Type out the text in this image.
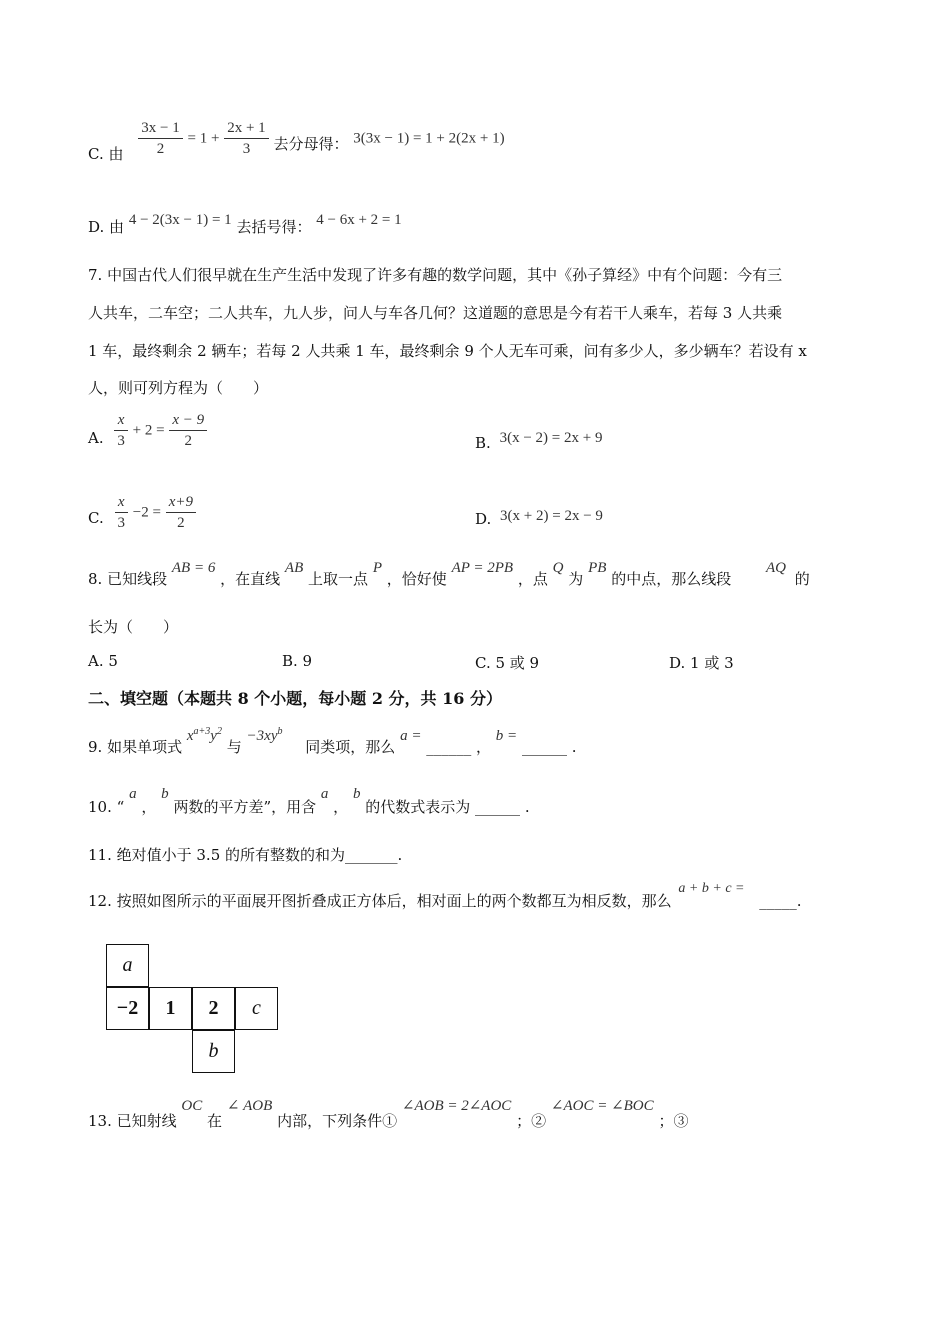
C. 由 $\frac{3x - 1}{2} = 1 + \frac{2x + 1}{3}$ 去分母得： 3(3x − 1) = 1 + 2(2x + 1)
D. 由 4 − 2(3x − 1) = 1 去括号得： 4 − 6x + 2 = 1
7. 中国古代人们很早就在生产生活中发现了许多有趣的数学问题，其中《孙子算经》中有个问题：今有三
人共车，二车空；二人共车，九人步，问人与车各几何？这道题的意思是今有若干人乘车，若每 3 人共乘
1 车，最终剩余 2 辆车；若每 2 人共乘 1 车，最终剩余 9 个人无车可乘，问有多少人，多少辆车？若设有 x
人，则可列方程为（　　）
A. $\frac{x}{3} + 2 = \frac{x - 9}{2}$	B. 3(x − 2) = 2x + 9
C. $\frac{x}{3} -2 = \frac{x+9}{2}$	D. 3(x + 2) = 2x − 9
8. 已知线段 AB = 6 ，在直线 AB 上取一点 P ，恰好使 AP = 2PB ，点 Q 为 PB 的中点，那么线段 AQ 的
长为（　　）
A. 5	B. 9	C. 5 或 9	D. 1 或 3
二、填空题（本题共 8 个小题，每小题 2 分，共 16 分）
9. 如果单项式 $x^{a+3}y^2$ 与 $-3xy^b$ 同类项，那么 a = ______ ， b = ______ .
10. “ a ， b 两数的平方差”，用含 a ， b 的代数式表示为 ______ .
11. 绝对值小于 3.5 的所有整数的和为_______.
12. 按照如图所示的平面展开图折叠成正方体后，相对面上的两个数都互为相反数，那么 a + b + c = _____.
a
−2	1	2	c
b
13. 已知射线 OC 在 ∠ AOB 内部，下列条件① ∠AOB = 2∠AOC ；② ∠AOC = ∠BOC ；③
